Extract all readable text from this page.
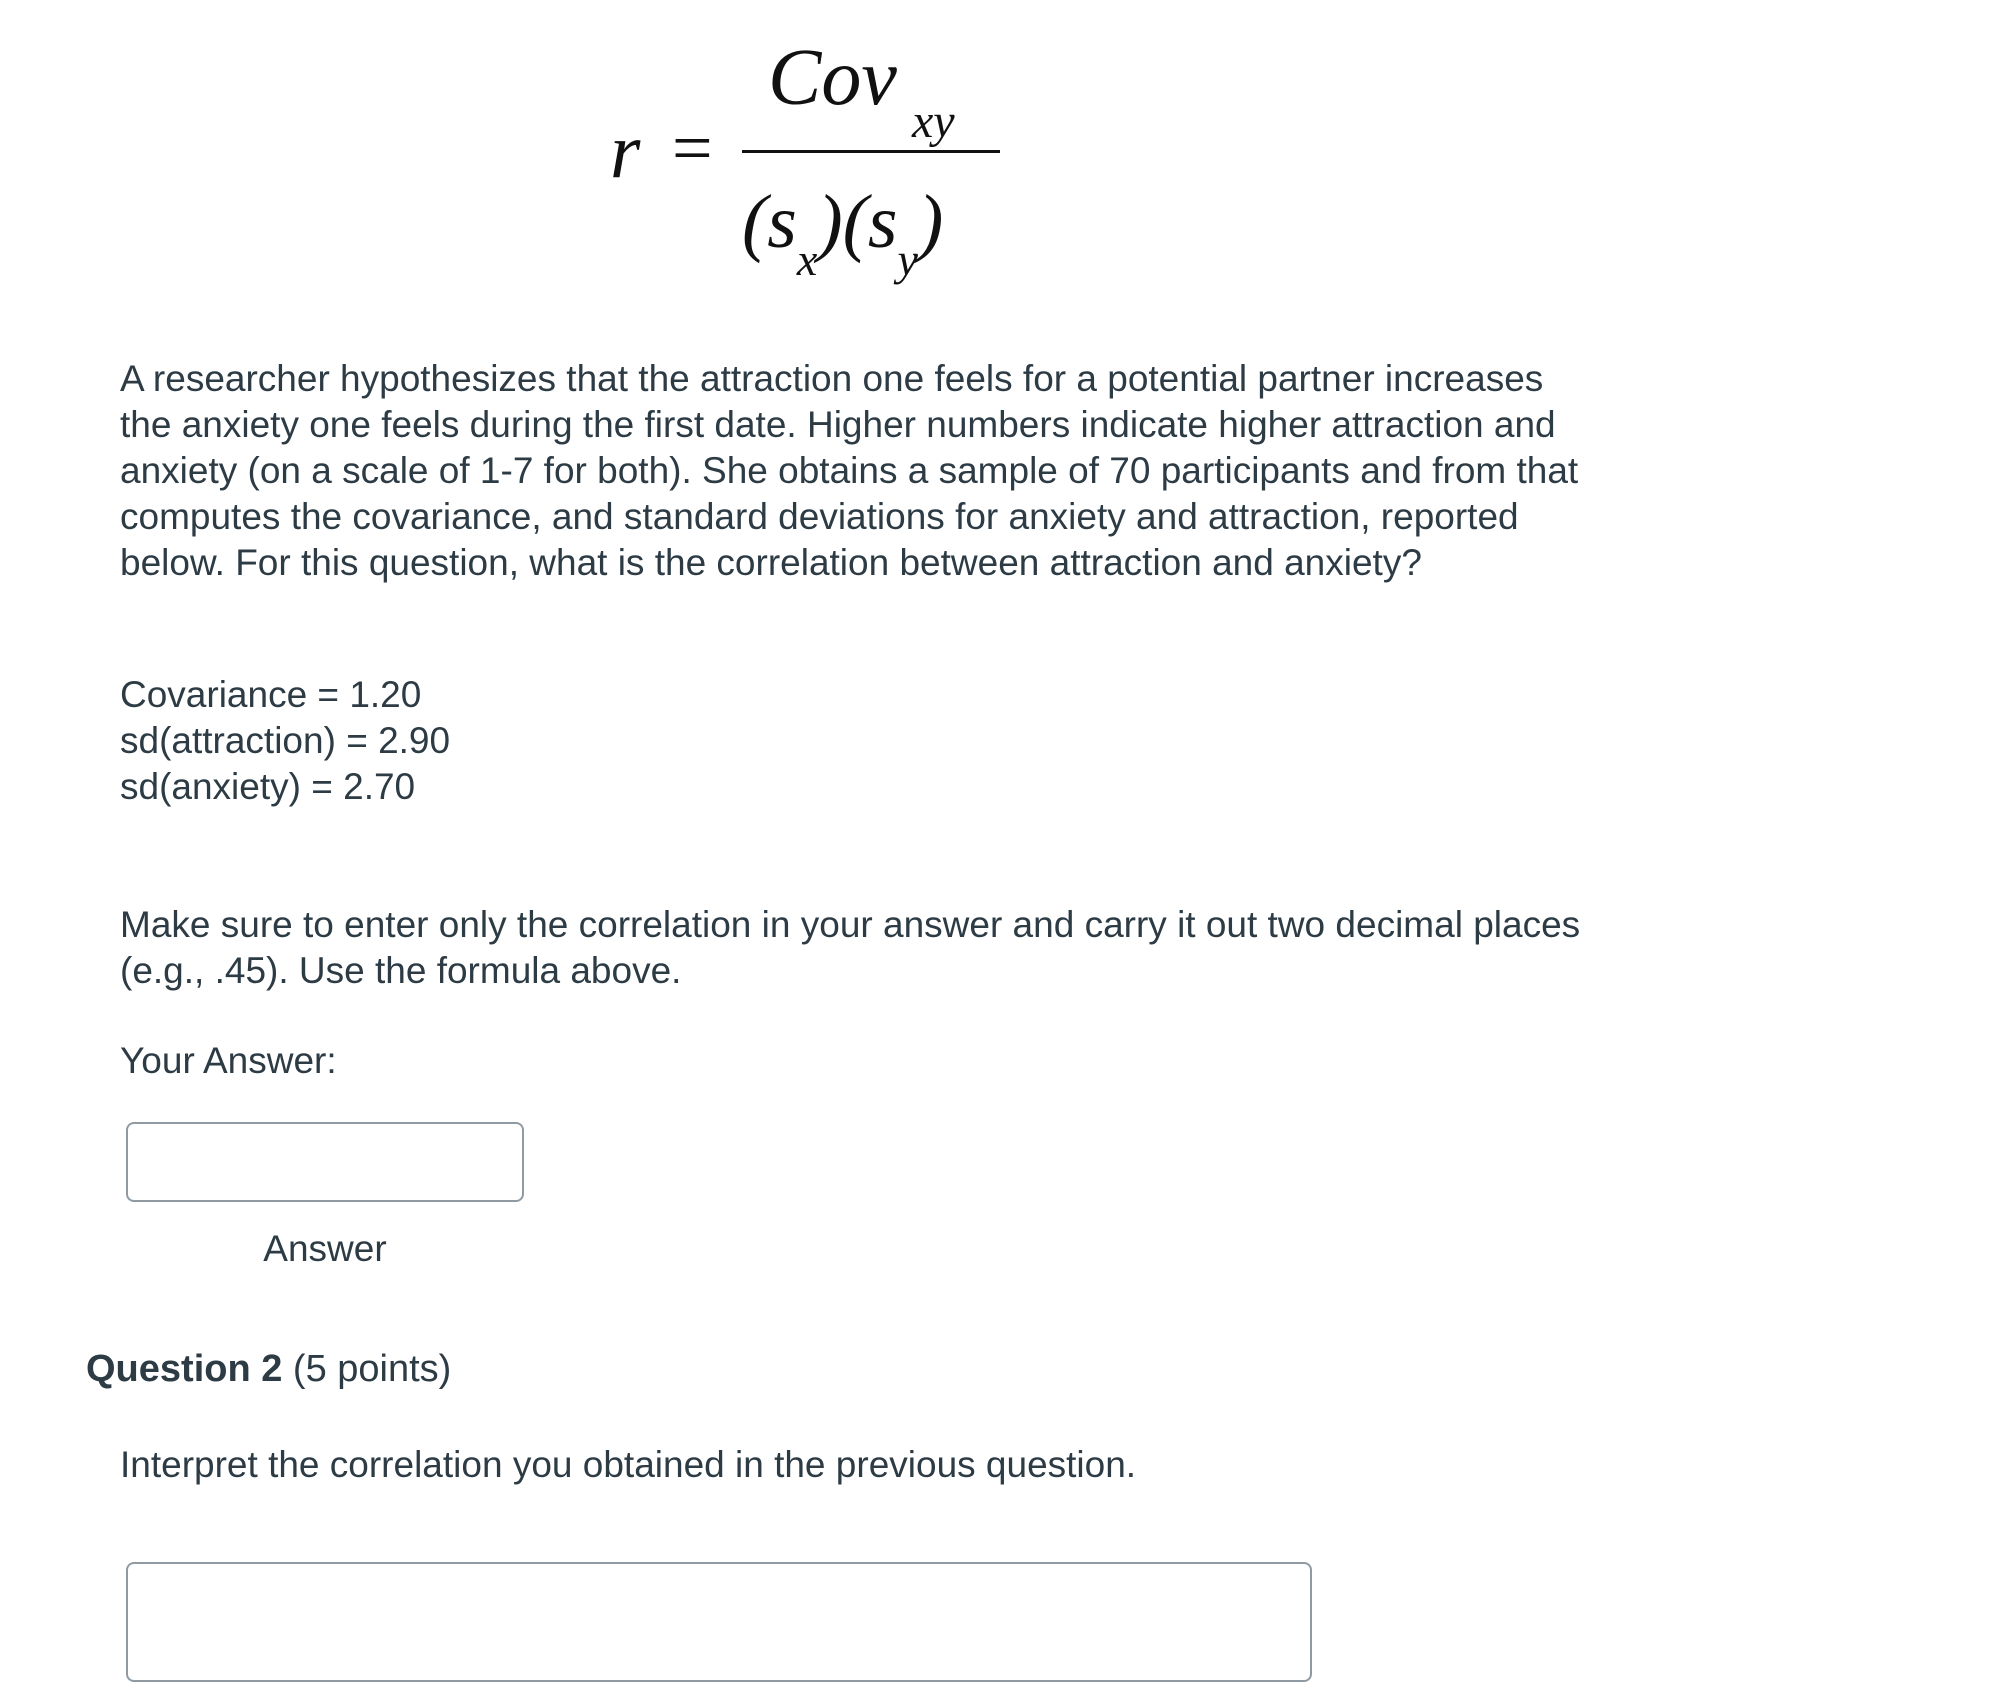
r =
Cov xy
$(s_x)(s_y)$

A researcher hypothesizes that the attraction one feels for a potential partner increases the anxiety one feels during the first date. Higher numbers indicate higher attraction and anxiety (on a scale of 1-7 for both). She obtains a sample of 70 participants and from that computes the covariance, and standard deviations for anxiety and attraction, reported below. For this question, what is the correlation between attraction and anxiety?

Covariance = 1.20
sd(attraction) = 2.90
sd(anxiety) = 2.70

Make sure to enter only the correlation in your answer and carry it out two decimal places (e.g., .45). Use the formula above.

Your Answer:
Answer
Question 2 (5 points)

Interpret the correlation you obtained in the previous question.
